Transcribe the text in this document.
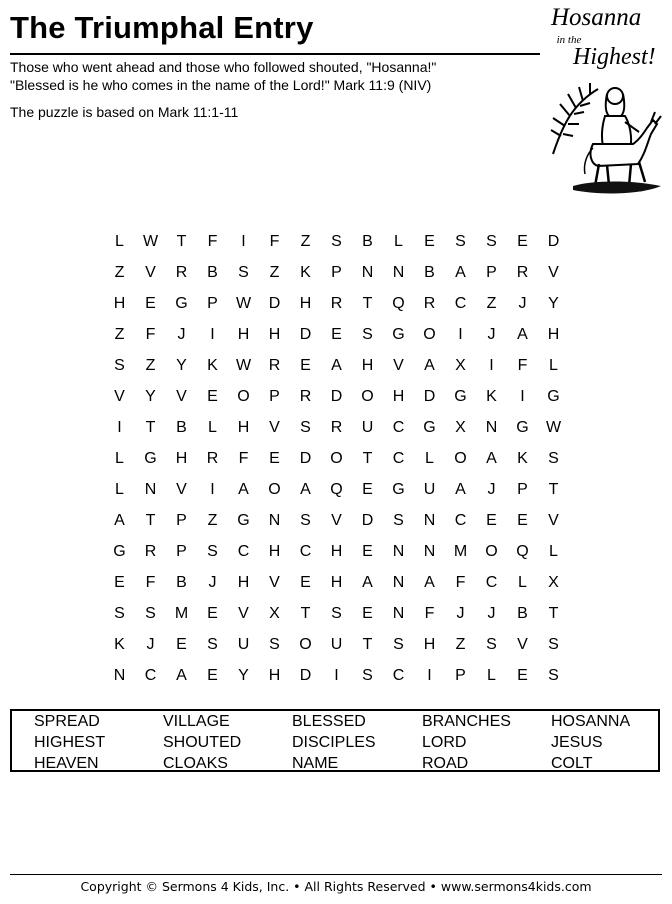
The Triumphal Entry
Those who went ahead and those who followed shouted, "Hosanna!"
"Blessed is he who comes in the name of the Lord!" Mark 11:9 (NIV)
The puzzle is based on Mark 11:1-11
Hosanna
in the
Highest!
L	W	T	F	I	F	Z	S	B	L	E	S	S	E	D
Z	V	R	B	S	Z	K	P	N	N	B	A	P	R	V
H	E	G	P	W	D	H	R	T	Q	R	C	Z	J	Y
Z	F	J	I	H	H	D	E	S	G	O	I	J	A	H
S	Z	Y	K	W	R	E	A	H	V	A	X	I	F	L
V	Y	V	E	O	P	R	D	O	H	D	G	K	I	G
I	T	B	L	H	V	S	R	U	C	G	X	N	G	W
L	G	H	R	F	E	D	O	T	C	L	O	A	K	S
L	N	V	I	A	O	A	Q	E	G	U	A	J	P	T
A	T	P	Z	G	N	S	V	D	S	N	C	E	E	V
G	R	P	S	C	H	C	H	E	N	N	M	O	Q	L
E	F	B	J	H	V	E	H	A	N	A	F	C	L	X
S	S	M	E	V	X	T	S	E	N	F	J	J	B	T
K	J	E	S	U	S	O	U	T	S	H	Z	S	V	S
N	C	A	E	Y	H	D	I	S	C	I	P	L	E	S
SPREAD	VILLAGE	BLESSED	BRANCHES	HOSANNA
HIGHEST	SHOUTED	DISCIPLES	LORD	JESUS
HEAVEN	CLOAKS	NAME	ROAD	COLT
Copyright © Sermons 4 Kids, Inc. • All Rights Reserved • www.sermons4kids.com
